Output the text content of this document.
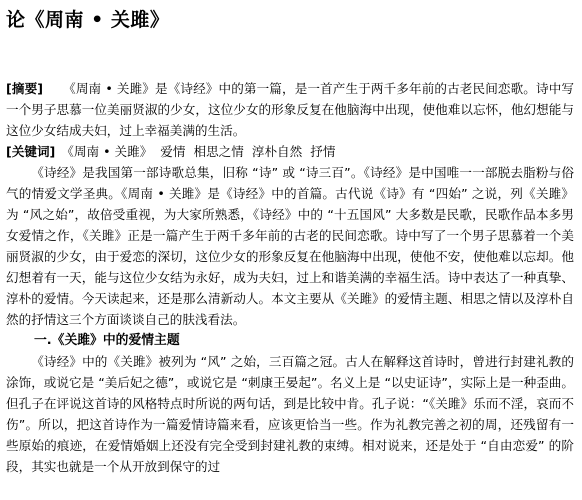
论《周南 • 关雎》

[摘要] 《周南 • 关雎》是《诗经》中的第一篇，是一首产生于两千多年前的古老民间恋歌。诗中写一个男子思慕一位美丽贤淑的少女，这位少女的形象反复在他脑海中出现，使他难以忘怀，他幻想能与这位少女结成夫妇，过上幸福美满的生活。

[关键词] 《周南 • 关雎》 爱情 相思之情 淳朴自然 抒情

《诗经》是我国第一部诗歌总集，旧称 “诗” 或 “诗三百”。《诗经》是中国唯一一部脱去脂粉与俗气的情爱文学圣典。《周南 • 关雎》是《诗经》中的首篇。古代说《诗》有 “四始” 之说，列《关雎》为 “风之始”，故倍受重视，为大家所熟悉，《诗经》中的 “十五国风” 大多数是民歌，民歌作品本多男女爱情之作，《关雎》正是一篇产生于两千多年前的古老的民间恋歌。诗中写了一个男子思慕着一个美丽贤淑的少女，由于爱恋的深切，这位少女的形象反复在他脑海中出现，使他不安，使他难以忘却。他幻想着有一天，能与这位少女结为永好，成为夫妇，过上和谐美满的幸福生活。诗中表达了一种真挚、淳朴的爱情。今天读起来，还是那么清新动人。本文主要从《关雎》的爱情主题、相思之情以及淳朴自然的抒情这三个方面谈谈自己的肤浅看法。

一.《关雎》中的爱情主题

《诗经》中的《关雎》被列为 “风” 之始，三百篇之冠。古人在解释这首诗时，曾进行封建礼教的涂饰，或说它是 “美后妃之德”，或说它是 “刺康王晏起”。名义上是 “以史证诗”，实际上是一种歪曲。但孔子在评说这首诗的风格特点时所说的两句话，到是比较中肯。孔子说：“《关雎》乐而不淫，哀而不伤”。所以，把这首诗作为一篇爱情诗篇来看，应该更恰当一些。作为礼教完善之初的周，还残留有一些原始的痕迹，在爱情婚姻上还没有完全受到封建礼教的束缚。相对说来，还是处于 “自由恋爱” 的阶段，其实也就是一个从开放到保守的过
